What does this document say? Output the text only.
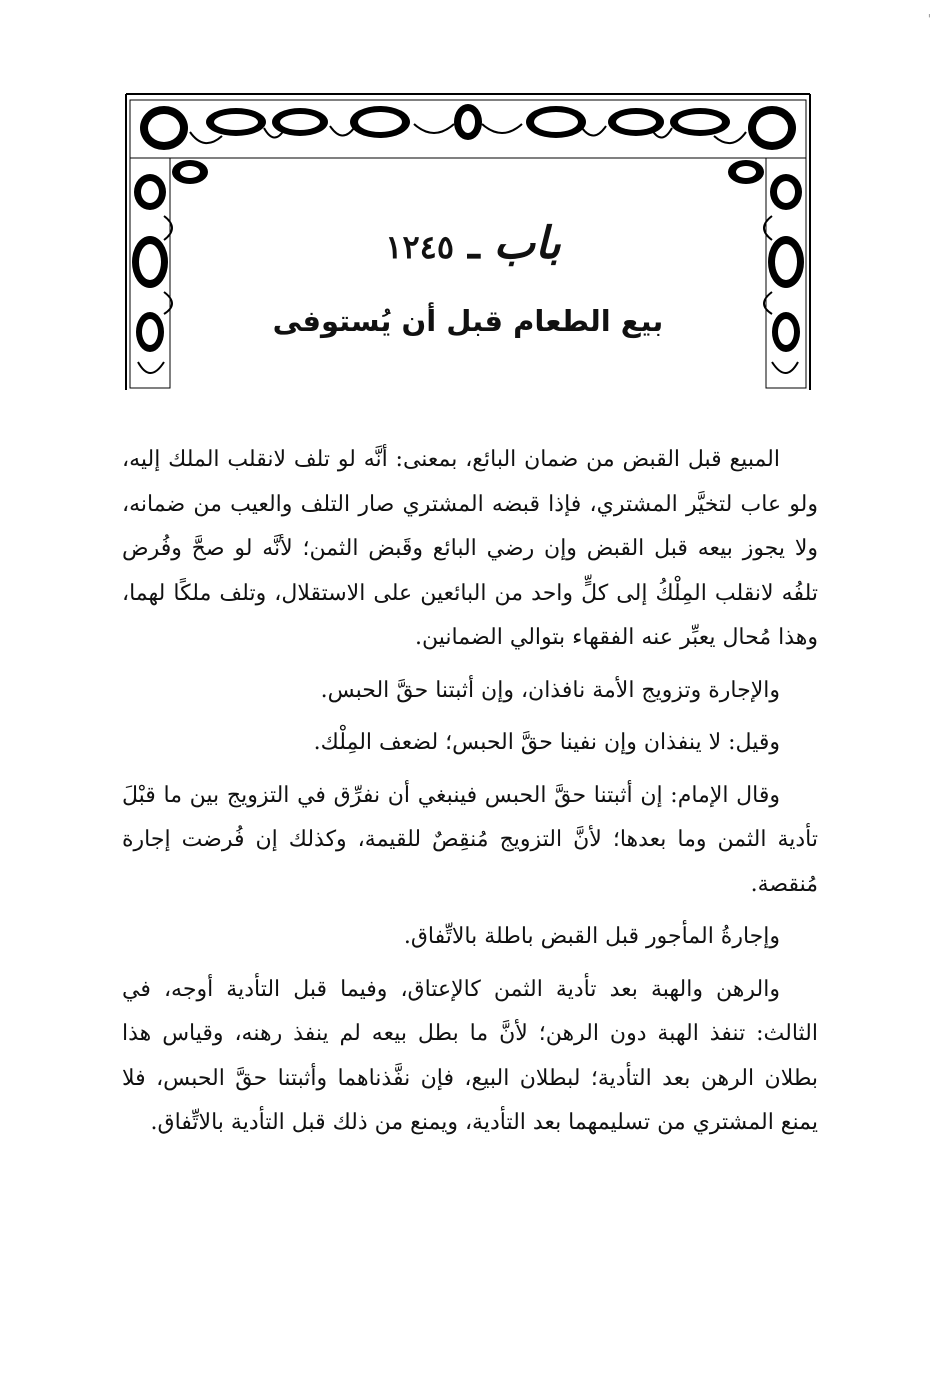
'
باب ـ ١٢٤٥
بيع الطعام قبل أن يُستوفى

المبيع قبل القبض من ضمان البائع، بمعنى: أنَّه لو تلف لانقلب الملك إليه، ولو عاب لتخيَّر المشتري، فإذا قبضه المشتري صار التلف والعيب من ضمانه، ولا يجوز بيعه قبل القبض وإن رضي البائع وقَبض الثمن؛ لأنَّه لو صحَّ وفُرض تلفُه لانقلب المِلْكُ إلى كلٍّ واحد من البائعين على الاستقلال، وتلف ملكًا لهما، وهذا مُحال يعبِّر عنه الفقهاء بتوالي الضمانين.

والإجارة وتزويج الأمة نافذان، وإن أثبتنا حقَّ الحبس.

وقيل: لا ينفذان وإن نفينا حقَّ الحبس؛ لضعف المِلْك.

وقال الإمام: إن أثبتنا حقَّ الحبس فينبغي أن نفرِّق في التزويج بين ما قبْلَ تأدية الثمن وما بعدها؛ لأنَّ التزويج مُنقِصٌ للقيمة، وكذلك إن فُرضت إجارة مُنقصة.

وإجارةُ المأجور قبل القبض باطلة بالاتِّفاق.

والرهن والهبة بعد تأدية الثمن كالإعتاق، وفيما قبل التأدية أوجه، في الثالث: تنفذ الهبة دون الرهن؛ لأنَّ ما بطل بيعه لم ينفذ رهنه، وقياس هذا بطلان الرهن بعد التأدية؛ لبطلان البيع، فإن نفَّذناهما وأثبتنا حقَّ الحبس، فلا يمنع المشتري من تسليمهما بعد التأدية، ويمنع من ذلك قبل التأدية بالاتِّفاق.
